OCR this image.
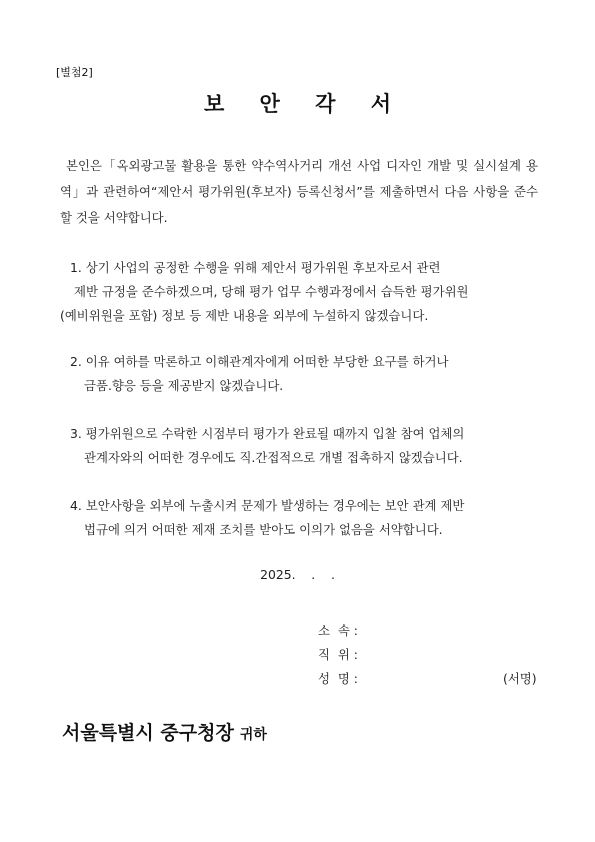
[별첨2]
보 안 각 서
본인은「옥외광고물 활용을 통한 약수역사거리 개선 사업 디자인 개발 및 실시설계 용역」과 관련하여“제안서 평가위원(후보자) 등록신청서”를 제출하면서 다음 사항을 준수할 것을 서약합니다.

1. 상기 사업의 공정한 수행을 위해 제안서 평가위원 후보자로서 관련

제반 규정을 준수하겠으며, 당해 평가 업무 수행과정에서 습득한 평가위원

(예비위원을 포함) 정보 등 제반 내용을 외부에 누설하지 않겠습니다.

2. 이유 여하를 막론하고 이해관계자에게 어떠한 부당한 요구를 하거나

금품.향응 등을 제공받지 않겠습니다.

3. 평가위원으로 수락한 시점부터 평가가 완료될 때까지 입찰 참여 업체의

관계자와의 어떠한 경우에도 직.간접적으로 개별 접촉하지 않겠습니다.

4. 보안사항을 외부에 누출시켜 문제가 발생하는 경우에는 보안 관계 제반

법규에 의거 어떠한 제재 조치를 받아도 이의가 없음을 서약합니다.

2025.    .    .
소  속 :
직  위 :
성  명 :	(서명)
서울특별시 중구청장 귀하
